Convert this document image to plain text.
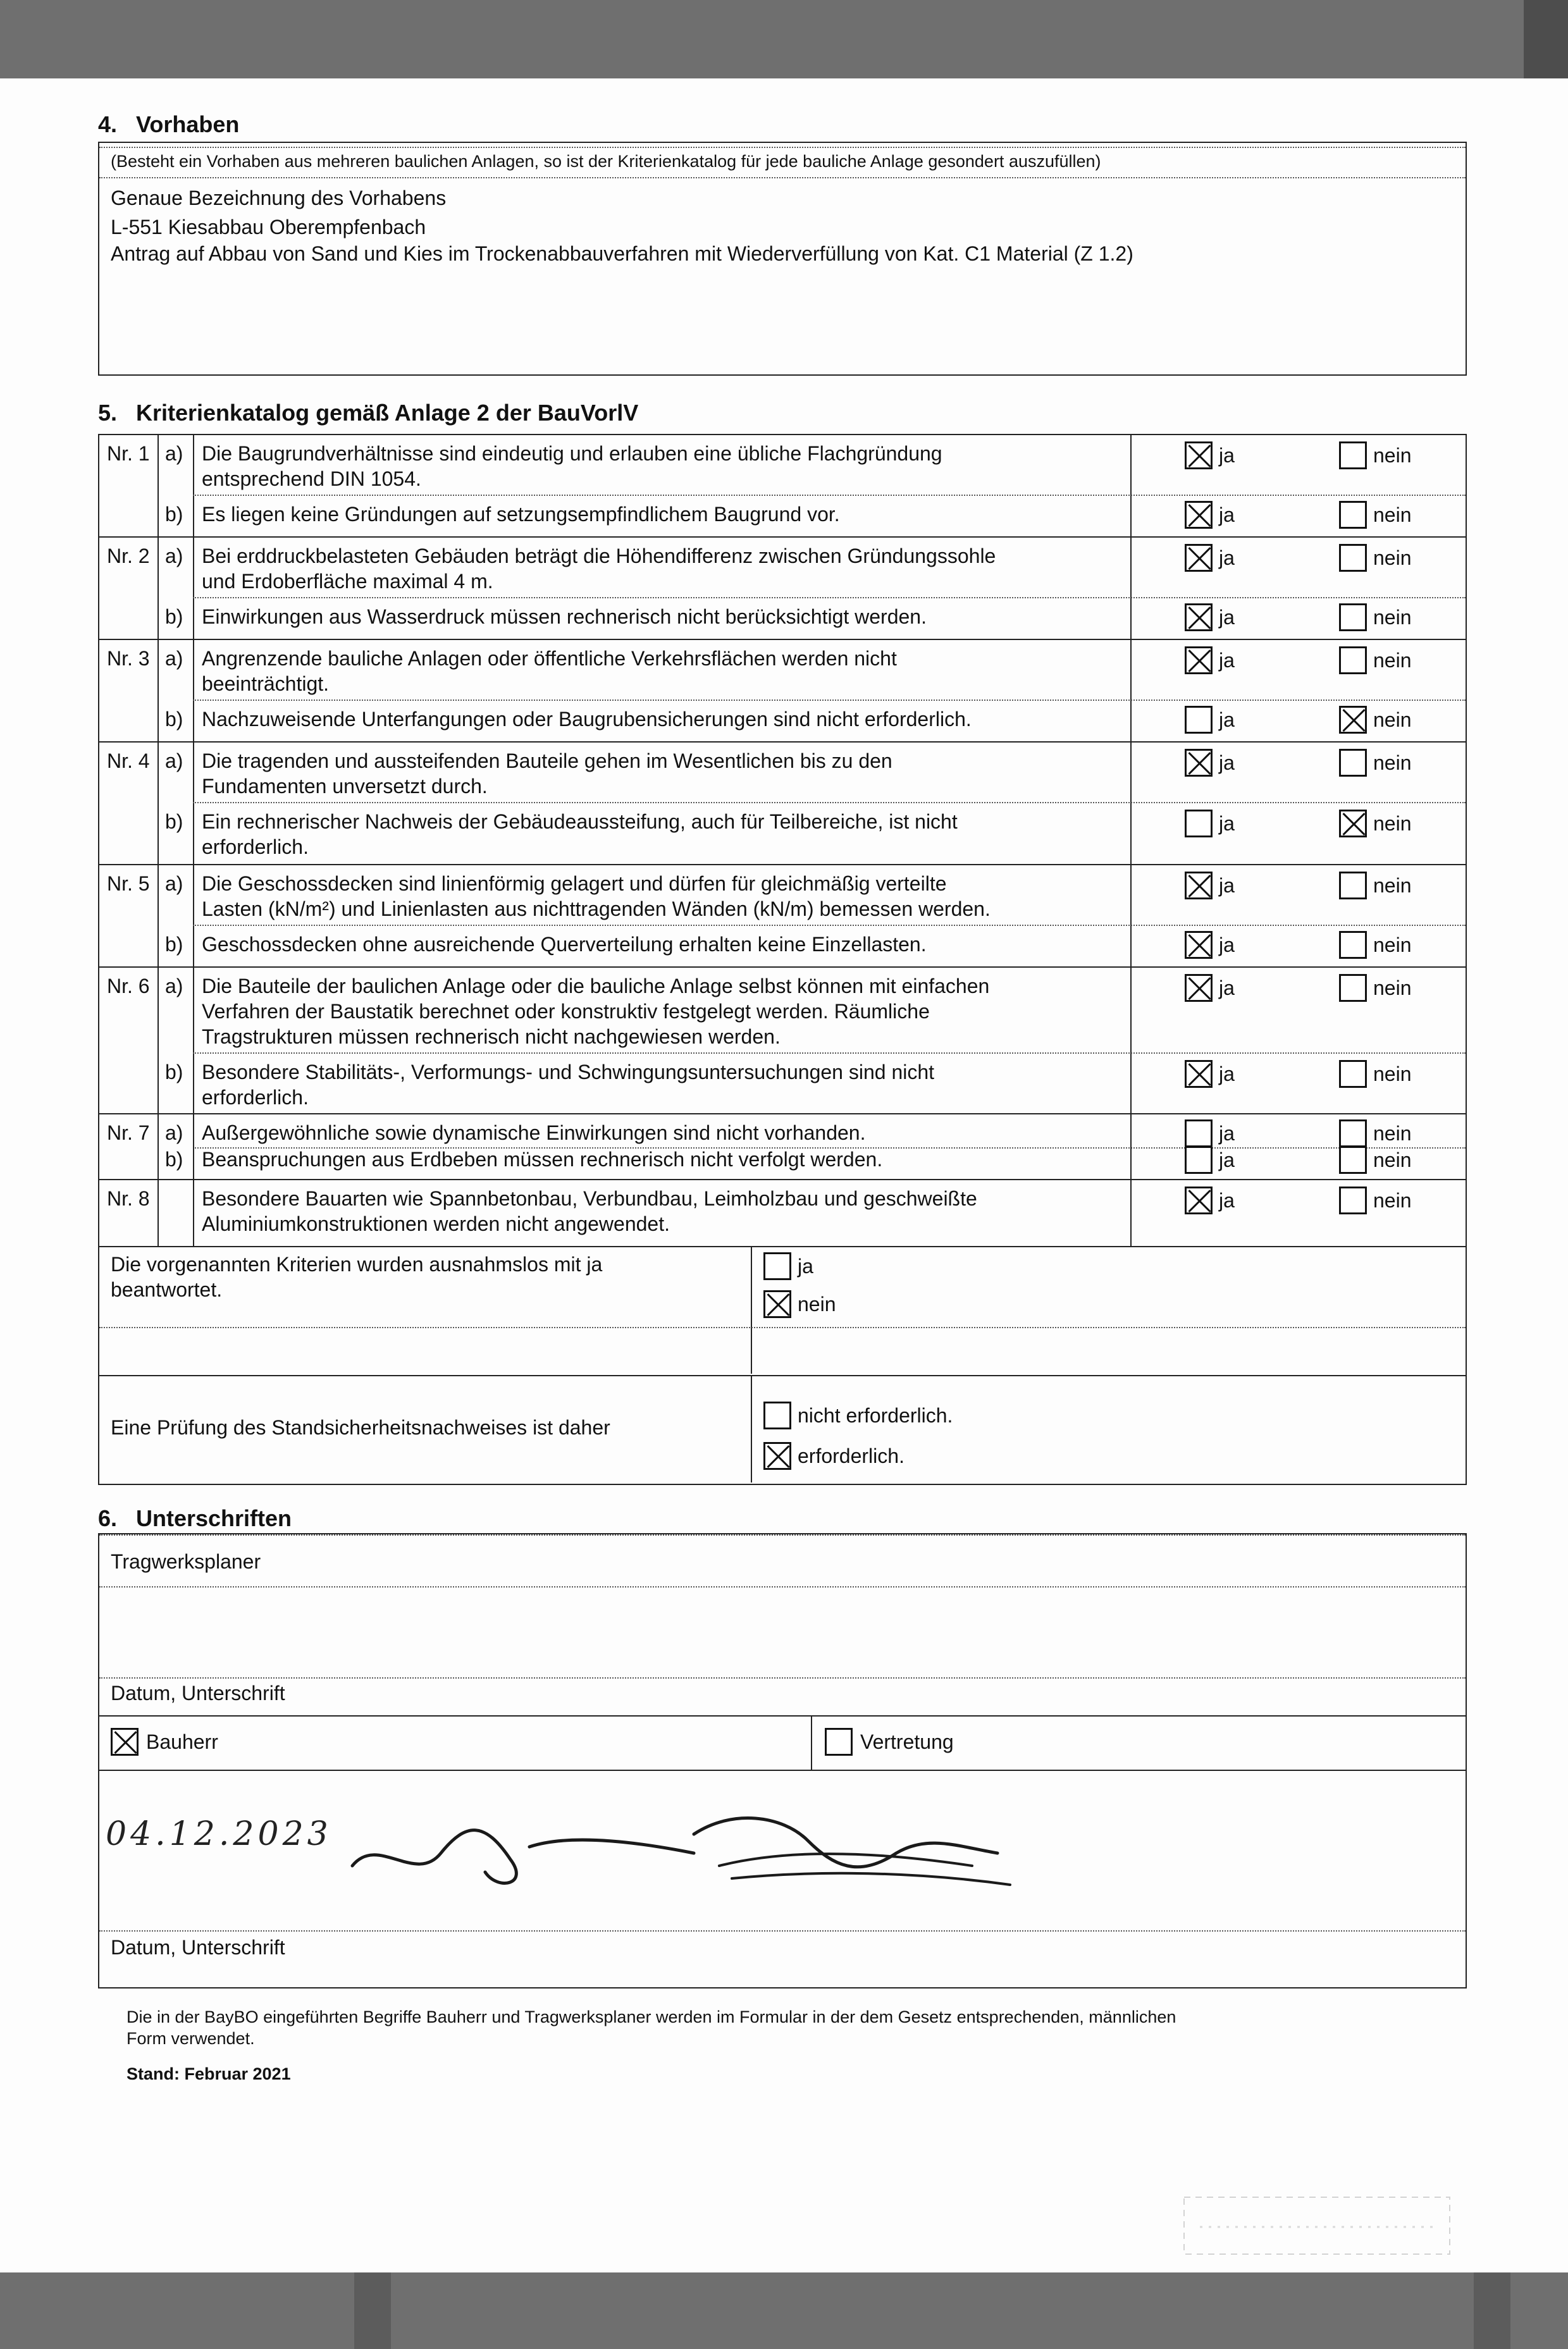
4. Vorhaben
(Besteht ein Vorhaben aus mehreren baulichen Anlagen, so ist der Kriterienkatalog für jede bauliche Anlage gesondert auszufüllen)
Genaue Bezeichnung des Vorhabens
L-551 Kiesabbau Oberempfenbach
Antrag auf Abbau von Sand und Kies im Trockenabbauverfahren mit Wiederverfüllung von Kat. C1 Material (Z 1.2)
5. Kriterienkatalog gemäß Anlage 2 der BauVorlV
Nr. 1 a) Die Baugrundverhältnisse sind eindeutig und erlauben eine übliche Flachgründung
entsprechend DIN 1054.
ja	nein
b) Es liegen keine Gründungen auf setzungsempfindlichem Baugrund vor.	ja	nein
Nr. 2 a) Bei erddruckbelasteten Gebäuden beträgt die Höhendifferenz zwischen Gründungssohle
und Erdoberfläche maximal 4 m.
ja	nein
b) Einwirkungen aus Wasserdruck müssen rechnerisch nicht berücksichtigt werden.	ja	nein
Nr. 3 a) Angrenzende bauliche Anlagen oder öffentliche Verkehrsflächen werden nicht
beeinträchtigt.
ja	nein
b) Nachzuweisende Unterfangungen oder Baugrubensicherungen sind nicht erforderlich.	ja	nein
Nr. 4 a) Die tragenden und aussteifenden Bauteile gehen im Wesentlichen bis zu den
Fundamenten unversetzt durch.
ja	nein
b) Ein rechnerischer Nachweis der Gebäudeaussteifung, auch für Teilbereiche, ist nicht
erforderlich.
ja	nein
Nr. 5 a) Die Geschossdecken sind linienförmig gelagert und dürfen für gleichmäßig verteilte
Lasten (kN/m²) und Linienlasten aus nichttragenden Wänden (kN/m) bemessen werden.
ja	nein
b) Geschossdecken ohne ausreichende Querverteilung erhalten keine Einzellasten.	ja	nein
Nr. 6 a) Die Bauteile der baulichen Anlage oder die bauliche Anlage selbst können mit einfachen
Verfahren der Baustatik berechnet oder konstruktiv festgelegt werden. Räumliche
Tragstrukturen müssen rechnerisch nicht nachgewiesen werden.
ja	nein
b) Besondere Stabilitäts-, Verformungs- und Schwingungsuntersuchungen sind nicht
erforderlich.
ja	nein
Nr. 7 a) Außergewöhnliche sowie dynamische Einwirkungen sind nicht vorhanden.	ja	nein
b) Beanspruchungen aus Erdbeben müssen rechnerisch nicht verfolgt werden.	ja	nein
Nr. 8	Besondere Bauarten wie Spannbetonbau, Verbundbau, Leimholzbau und geschweißte
Aluminiumkonstruktionen werden nicht angewendet.
ja	nein
Die vorgenannten Kriterien wurden ausnahmslos mit ja
beantwortet.
ja
nein
Eine Prüfung des Standsicherheitsnachweises ist daher
nicht erforderlich.
erforderlich.
6. Unterschriften
Tragwerksplaner
Datum, Unterschrift
Bauherr	Vertretung
04.12.2023
Datum, Unterschrift
Die in der BayBO eingeführten Begriffe Bauherr und Tragwerksplaner werden im Formular in der dem Gesetz entsprechenden, männlichen
Form verwendet.
Stand: Februar 2021
